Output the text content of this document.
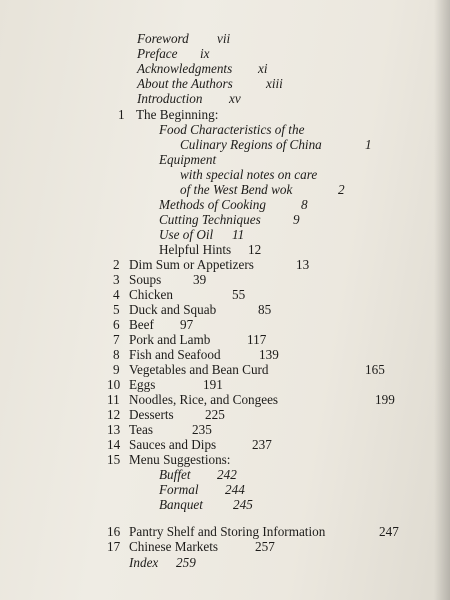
Foreword vii
Preface ix
Acknowledgments xi
About the Authors	xiii
Introduction xv
1 The Beginning:
Food Characteristics of the
Culinary Regions of China	1
Equipment
with special notes on care
of the West Bend wok	2
Methods of Cooking	8
Cutting Techniques 9
Use of Oil 11
Helpful Hints 12
2 Dim Sum or Appetizers	13
3 Soups 39
4 Chicken	55
5 Duck and Squab	85
6 Beef 97
7 Pork and Lamb	117
8 Fish and Seafood	139
9 Vegetables and Bean Curd	165
10 Eggs	191
11 Noodles, Rice, and Congees	199
12 Desserts 225
13 Teas	235
14 Sauces and Dips	237
15 Menu Suggestions:
Buffet 242
Formal 244
Banquet 245
16 Pantry Shelf and Storing Information	247
17 Chinese Markets	257
Index 259
